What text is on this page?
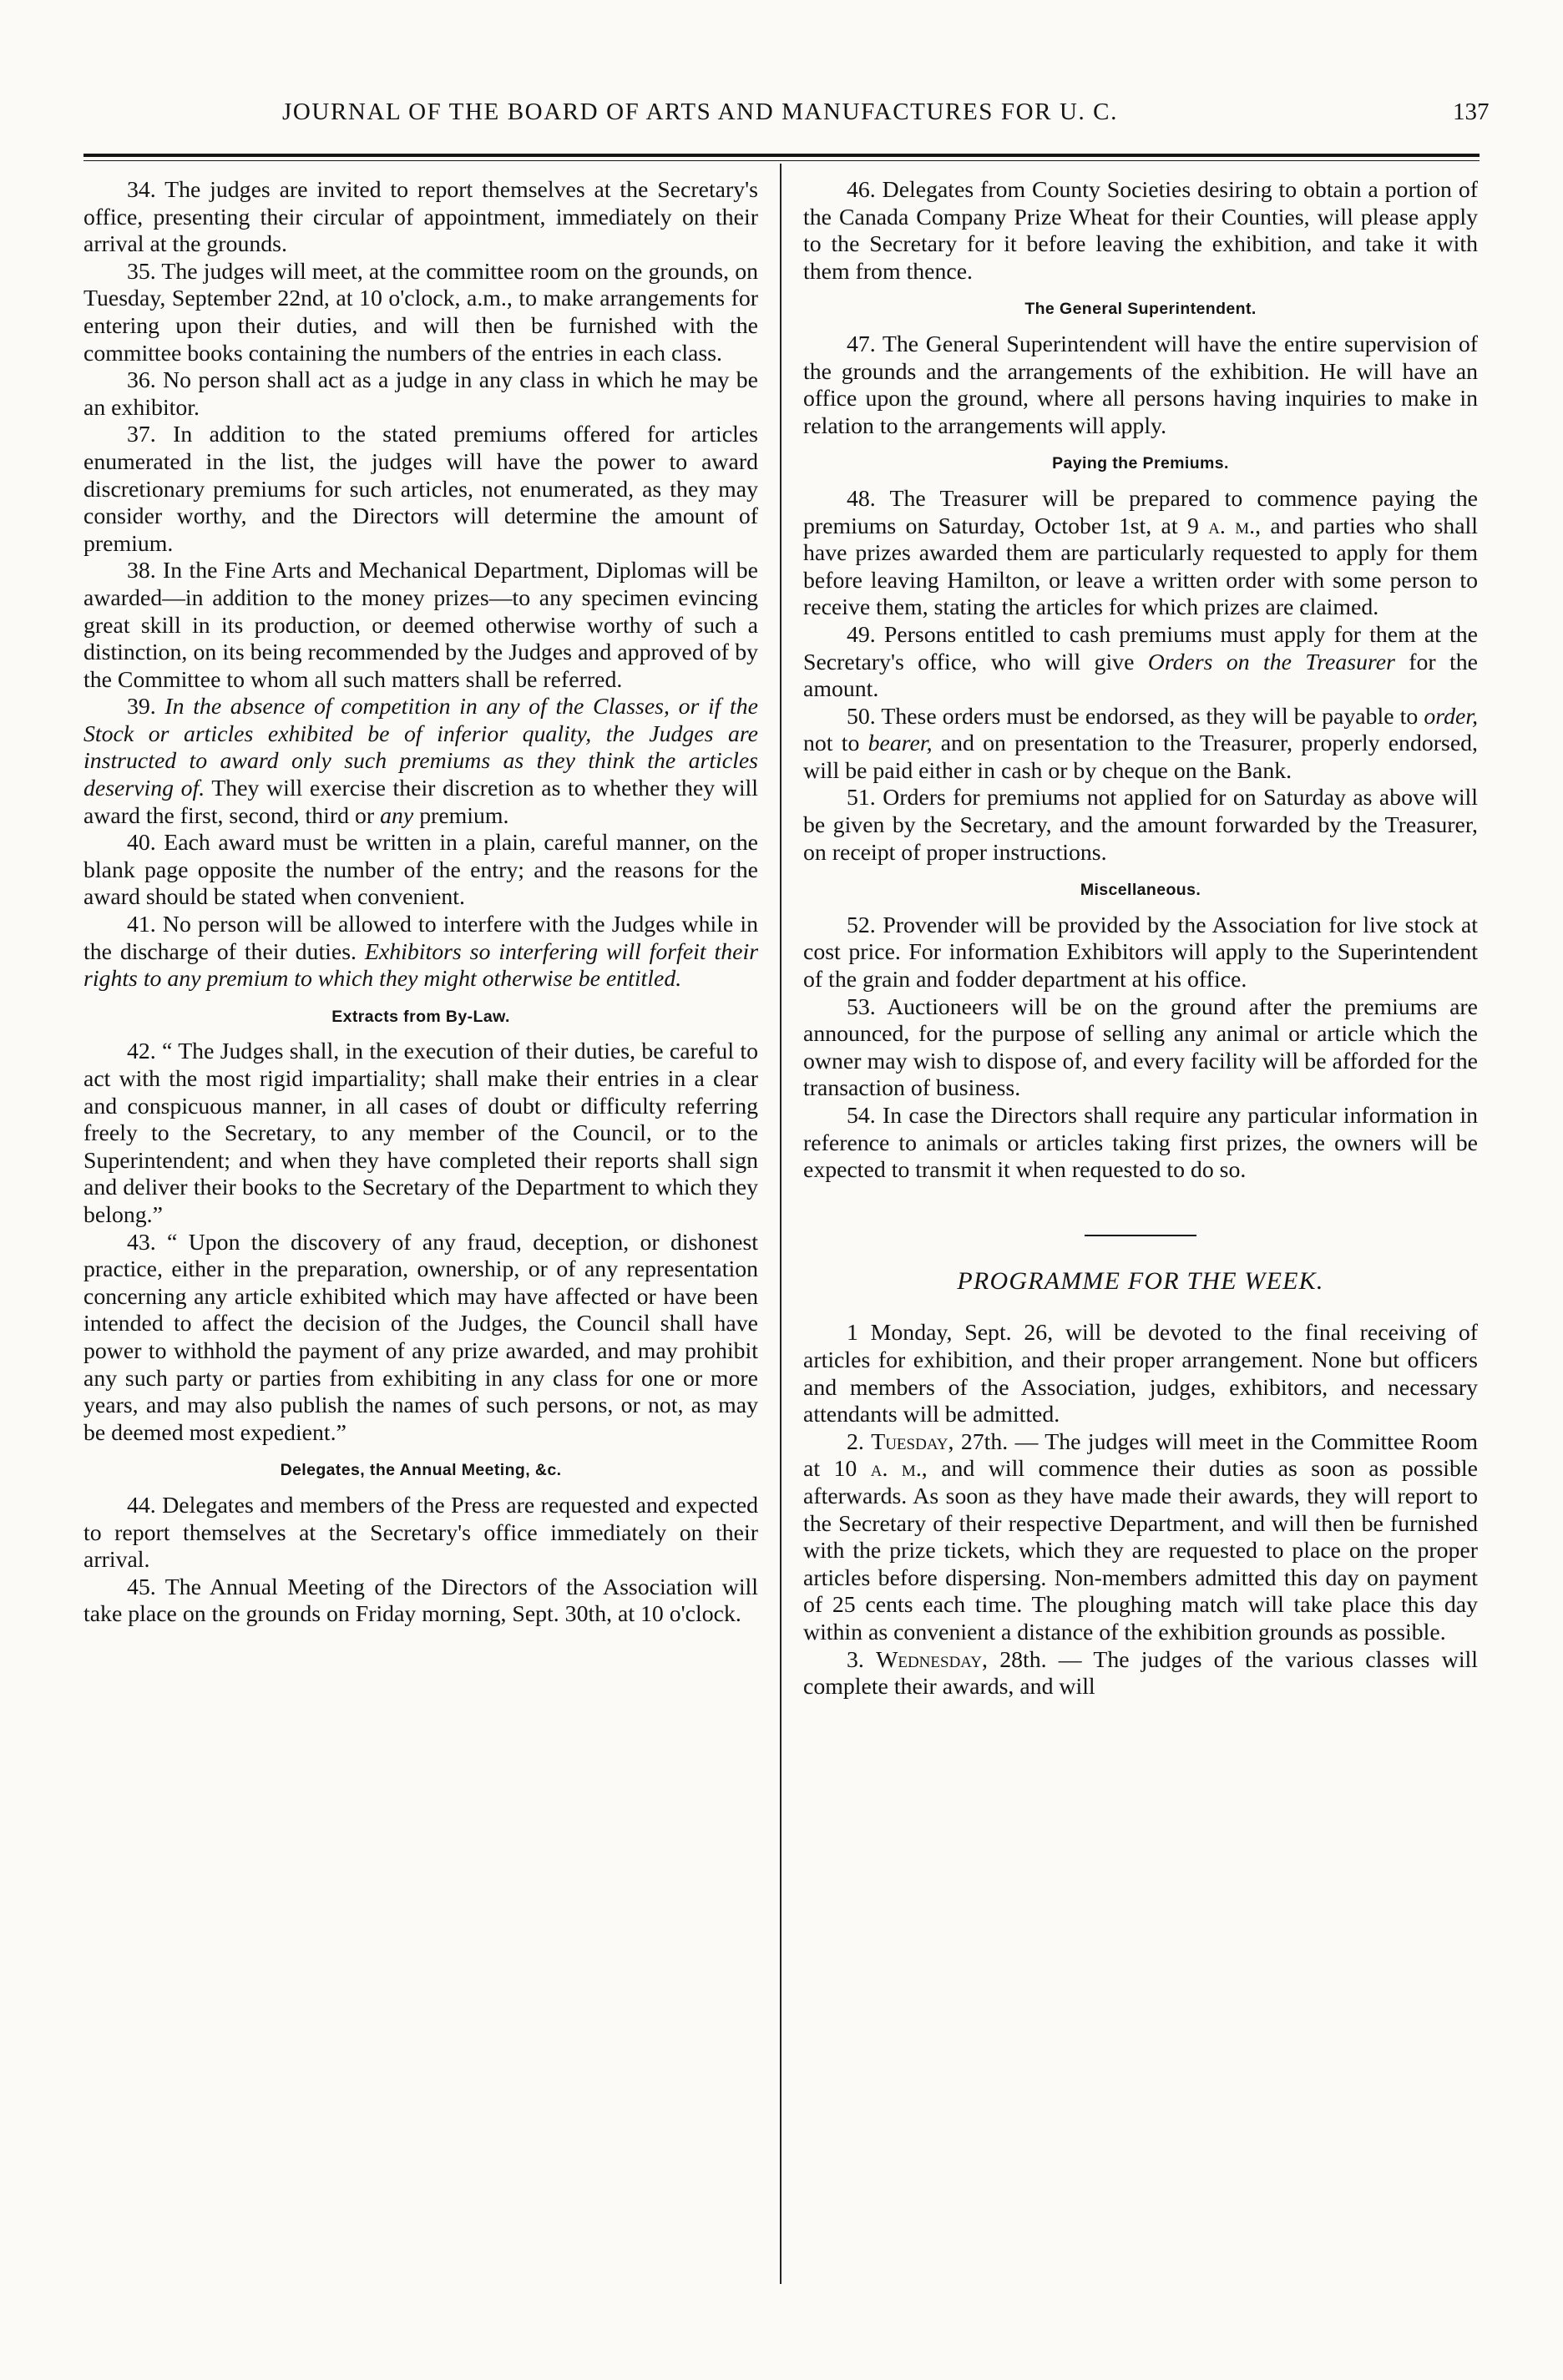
JOURNAL OF THE BOARD OF ARTS AND MANUFACTURES FOR U. C.	137

34. The judges are invited to report themselves at the Secretary's office, presenting their circular of appointment, immediately on their arrival at the grounds.

35. The judges will meet, at the committee room on the grounds, on Tuesday, September 22nd, at 10 o'clock, a.m., to make arrangements for entering upon their duties, and will then be furnished with the committee books containing the numbers of the entries in each class.

36. No person shall act as a judge in any class in which he may be an exhibitor.

37. In addition to the stated premiums offered for articles enumerated in the list, the judges will have the power to award discretionary premiums for such articles, not enumerated, as they may consider worthy, and the Directors will determine the amount of premium.

38. In the Fine Arts and Mechanical Department, Diplomas will be awarded—in addition to the money prizes—to any specimen evincing great skill in its production, or deemed otherwise worthy of such a distinction, on its being recommended by the Judges and approved of by the Committee to whom all such matters shall be referred.

39. In the absence of competition in any of the Classes, or if the Stock or articles exhibited be of inferior quality, the Judges are instructed to award only such premiums as they think the articles deserving of. They will exercise their discretion as to whether they will award the first, second, third or any premium.

40. Each award must be written in a plain, careful manner, on the blank page opposite the number of the entry; and the reasons for the award should be stated when convenient.

41. No person will be allowed to interfere with the Judges while in the discharge of their duties. Exhibitors so interfering will forfeit their rights to any premium to which they might otherwise be entitled.

Extracts from By-Law.

42. “ The Judges shall, in the execution of their duties, be careful to act with the most rigid impartiality; shall make their entries in a clear and conspicuous manner, in all cases of doubt or difficulty referring freely to the Secretary, to any member of the Council, or to the Superintendent; and when they have completed their reports shall sign and deliver their books to the Secretary of the Department to which they belong.”

43. “ Upon the discovery of any fraud, deception, or dishonest practice, either in the preparation, ownership, or of any representation concerning any article exhibited which may have affected or have been intended to affect the decision of the Judges, the Council shall have power to withhold the payment of any prize awarded, and may prohibit any such party or parties from exhibiting in any class for one or more years, and may also publish the names of such persons, or not, as may be deemed most expedient.”

Delegates, the Annual Meeting, &c.

44. Delegates and members of the Press are requested and expected to report themselves at the Secretary's office immediately on their arrival.

45. The Annual Meeting of the Directors of the Association will take place on the grounds on Friday morning, Sept. 30th, at 10 o'clock.

46. Delegates from County Societies desiring to obtain a portion of the Canada Company Prize Wheat for their Counties, will please apply to the Secretary for it before leaving the exhibition, and take it with them from thence.

The General Superintendent.

47. The General Superintendent will have the entire supervision of the grounds and the arrangements of the exhibition. He will have an office upon the ground, where all persons having inquiries to make in relation to the arrangements will apply.

Paying the Premiums.

48. The Treasurer will be prepared to commence paying the premiums on Saturday, October 1st, at 9 a. m., and parties who shall have prizes awarded them are particularly requested to apply for them before leaving Hamilton, or leave a written order with some person to receive them, stating the articles for which prizes are claimed.

49. Persons entitled to cash premiums must apply for them at the Secretary's office, who will give Orders on the Treasurer for the amount.

50. These orders must be endorsed, as they will be payable to order, not to bearer, and on presentation to the Treasurer, properly endorsed, will be paid either in cash or by cheque on the Bank.

51. Orders for premiums not applied for on Saturday as above will be given by the Secretary, and the amount forwarded by the Treasurer, on receipt of proper instructions.

Miscellaneous.

52. Provender will be provided by the Association for live stock at cost price. For information Exhibitors will apply to the Superintendent of the grain and fodder department at his office.

53. Auctioneers will be on the ground after the premiums are announced, for the purpose of selling any animal or article which the owner may wish to dispose of, and every facility will be afforded for the transaction of business.

54. In case the Directors shall require any particular information in reference to animals or articles taking first prizes, the owners will be expected to transmit it when requested to do so.

PROGRAMME FOR THE WEEK.

1 Monday, Sept. 26, will be devoted to the final receiving of articles for exhibition, and their proper arrangement. None but officers and members of the Association, judges, exhibitors, and necessary attendants will be admitted.

2. Tuesday, 27th. — The judges will meet in the Committee Room at 10 a. m., and will commence their duties as soon as possible afterwards. As soon as they have made their awards, they will report to the Secretary of their respective Department, and will then be furnished with the prize tickets, which they are requested to place on the proper articles before dispersing. Non-members admitted this day on payment of 25 cents each time. The ploughing match will take place this day within as convenient a distance of the exhibition grounds as possible.

3. Wednesday, 28th. — The judges of the various classes will complete their awards, and will
